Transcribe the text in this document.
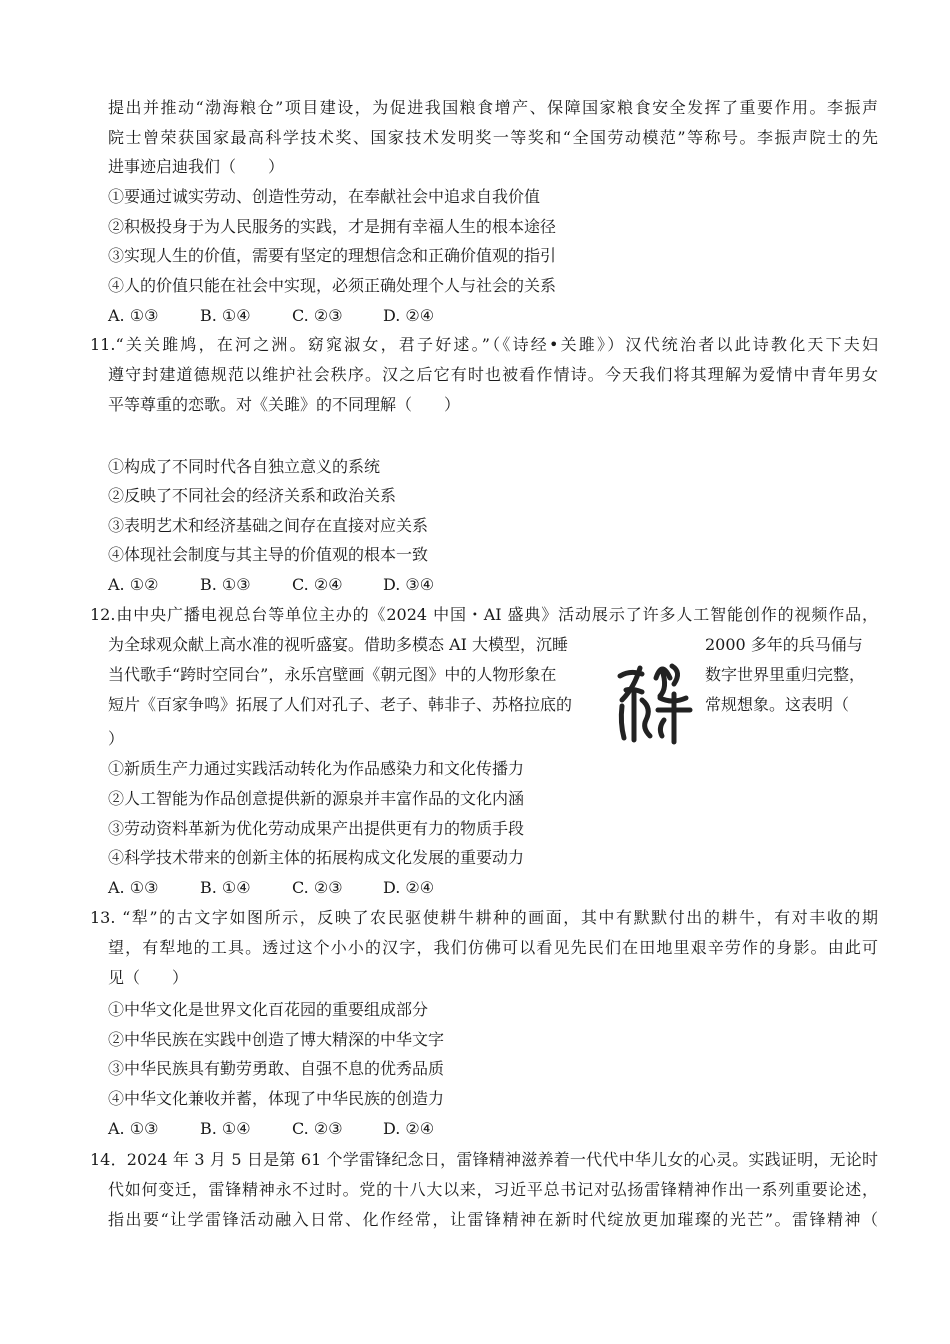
提出并推动“渤海粮仓”项目建设，为促进我国粮食增产、保障国家粮食安全发挥了重要作用。李振声
院士曾荣获国家最高科学技术奖、国家技术发明奖一等奖和“全国劳动模范”等称号。李振声院士的先
进事迹启迪我们（　　）
①要通过诚实劳动、创造性劳动，在奉献社会中追求自我价值
②积极投身于为人民服务的实践，才是拥有幸福人生的根本途径
③实现人生的价值，需要有坚定的理想信念和正确价值观的指引
④人的价值只能在社会中实现，必须正确处理个人与社会的关系
A. ①③	B. ①④	C. ②③	D. ②④
11.“关关雎鸠，在河之洲。窈窕淑女，君子好逑。”（《诗经•关雎》）汉代统治者以此诗教化天下夫妇
遵守封建道德规范以维护社会秩序。汉之后它有时也被看作情诗。今天我们将其理解为爱情中青年男女
平等尊重的恋歌。对《关雎》的不同理解（　　）
①构成了不同时代各自独立意义的系统
②反映了不同社会的经济关系和政治关系
③表明艺术和经济基础之间存在直接对应关系
④体现社会制度与其主导的价值观的根本一致
A. ①②	B. ①③	C. ②④	D. ③④
12.由中央广播电视总台等单位主办的《2024 中国・AI 盛典》活动展示了许多人工智能创作的视频作品，
为全球观众献上高水准的视听盛宴。借助多模态 AI 大模型，沉睡
当代歌手“跨时空同台”，永乐宫壁画《朝元图》中的人物形象在
短片《百家争鸣》拓展了人们对孔子、老子、韩非子、苏格拉底的
2000 多年的兵马俑与
数字世界里重归完整，
常规想象。这表明（
）
①新质生产力通过实践活动转化为作品感染力和文化传播力
②人工智能为作品创意提供新的源泉并丰富作品的文化内涵
③劳动资料革新为优化劳动成果产出提供更有力的物质手段
④科学技术带来的创新主体的拓展构成文化发展的重要动力
A. ①③	B. ①④	C. ②③	D. ②④
13. “犁”的古文字如图所示，反映了农民驱使耕牛耕种的画面，其中有默默付出的耕牛，有对丰收的期
望，有犁地的工具。透过这个小小的汉字，我们仿佛可以看见先民们在田地里艰辛劳作的身影。由此可
见（　　）
①中华文化是世界文化百花园的重要组成部分
②中华民族在实践中创造了博大精深的中华文字
③中华民族具有勤劳勇敢、自强不息的优秀品质
④中华文化兼收并蓄，体现了中华民族的创造力
A. ①③	B. ①④	C. ②③	D. ②④
14．2024 年 3 月 5 日是第 61 个学雷锋纪念日，雷锋精神滋养着一代代中华儿女的心灵。实践证明，无论时
代如何变迁，雷锋精神永不过时。党的十八大以来，习近平总书记对弘扬雷锋精神作出一系列重要论述，
指出要“让学雷锋活动融入日常、化作经常，让雷锋精神在新时代绽放更加璀璨的光芒”。雷锋精神（
